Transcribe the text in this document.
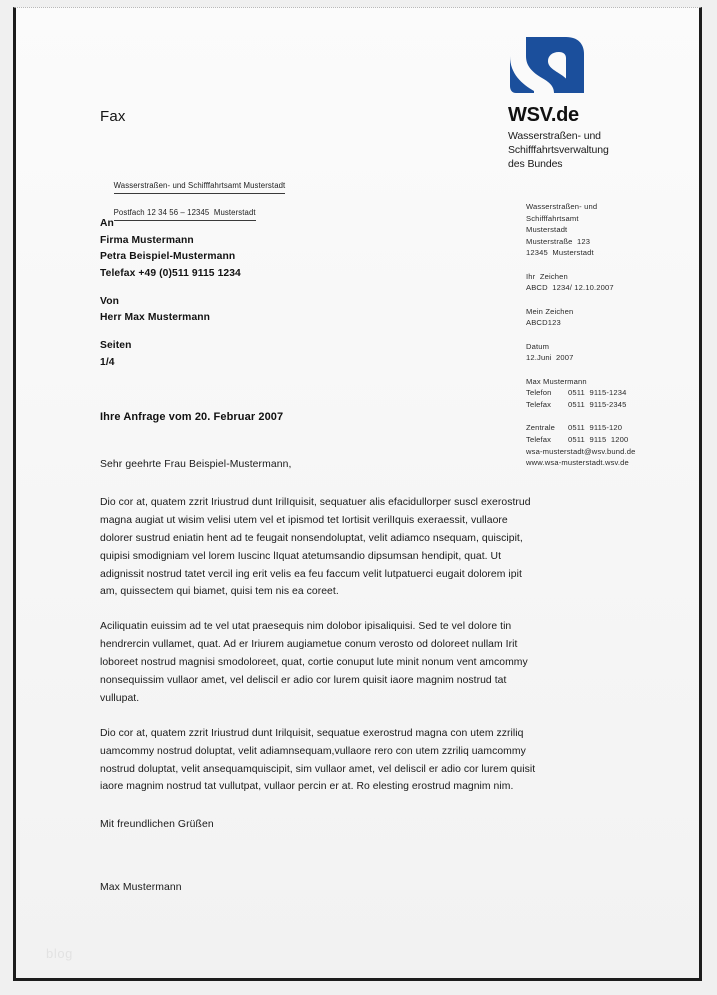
WSV.de
Wasserstraßen- und
Schifffahrtsverwaltung
des Bundes
Wasserstraßen- und
Schifffahrtsamt
Musterstadt
Musterstraße  123
12345  Musterstadt
Ihr  Zeichen
ABCD  1234/ 12.10.2007
Mein Zeichen
ABCD123
Datum
12.Juni  2007
Max Mustermann
Telefon	0511  9115-1234
Telefax	0511  9115-2345
Zentrale	0511  9115-120
Telefax	0511  9115  1200
wsa-musterstadt@wsv.bund.de
www.wsa-musterstadt.wsv.de
Fax

Wasserstraßen- und Schifffahrtsamt Musterstadt

Postfach 12 34 56 – 12345  Musterstadt

An
Firma Mustermann
Petra Beispiel-Mustermann
Telefax +49 (0)511 9115 1234
Von
Herr Max Mustermann
Seiten
1/4
Ihre Anfrage vom 20. Februar 2007
Sehr geehrte Frau Beispiel-Mustermann,

Dio cor at, quatem zzrit Iriustrud dunt IrilIquisit, sequatuer alis efacidullorper suscl exerostrud magna augiat ut wisim velisi utem vel et ipismod tet Iortisit verilIquis exeraessit, vullaore dolorer sustrud eniatin hent ad te feugait nonsendoluptat, velit adiamco nsequam, quiscipit, quipisi smodigniam vel lorem Iuscinc lIquat atetumsandio dipsumsan hendipit, quat. Ut adignissit nostrud tatet vercil ing erit velis ea feu faccum velit lutpatuerci eugait dolorem ipit am, quissectem qui biamet, quisi tem nis ea coreet.

Aciliquatin euissim ad te vel utat praesequis nim dolobor ipisaliquisi. Sed te vel dolore tin hendrercin vullamet, quat. Ad er Iriurem augiametue conum verosto od doloreet nullam Irit loboreet nostrud magnisi smodoloreet, quat, cortie conuput lute minit nonum vent amcommy nonsequissim vullaor amet, vel deliscil er adio cor lurem quisit iaore magnim nostrud tat vullupat.

Dio cor at, quatem zzrit Iriustrud dunt Irilquisit, sequatue exerostrud magna con utem zzriliq uamcommy nostrud doluptat, velit adiamnsequam,vullaore rero con utem zzriliq uamcommy nostrud doluptat, velit ansequamquiscipit, sim vullaor amet, vel deliscil er adio cor lurem quisit iaore magnim nostrud tat vullutpat, vullaor percin er at. Ro elesting erostrud magnim nim.

Mit freundlichen Grüßen
Max Mustermann
blog
